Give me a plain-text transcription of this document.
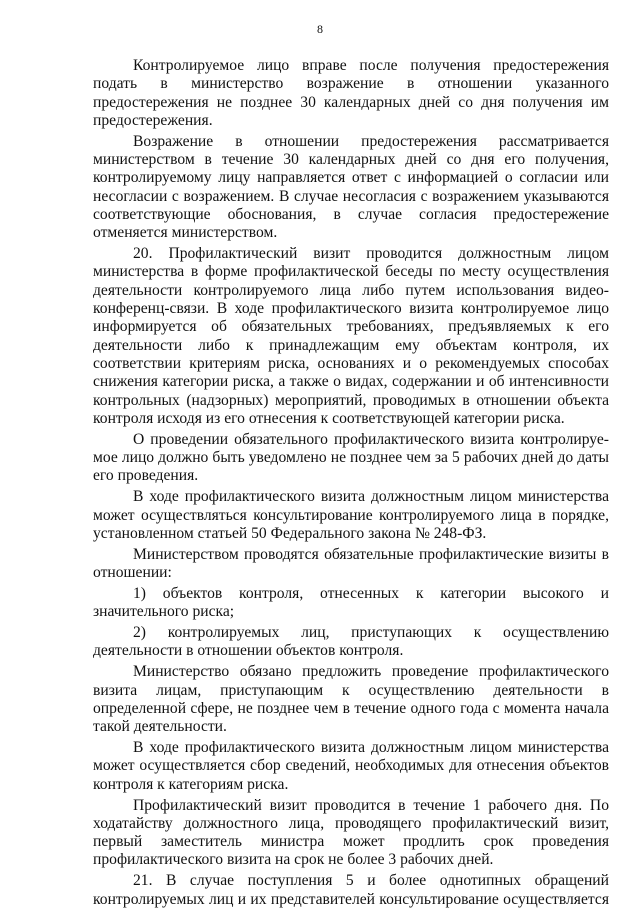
8

Контролируемое лицо вправе после получения предостережения подать в министерство возражение в отношении указанного предостережения не позднее 30 календарных дней со дня получения им предостережения.

Возражение в отношении предостережения рассматривается министерством в течение 30 календарных дней со дня его получения, контролируемому лицу направляется ответ с информацией о согласии или несогласии с возражением. В случае несогласия с возражением указываются соответствующие обоснования, в случае согласия предостережение отменяется министерством.

20. Профилактический визит проводится должностным лицом министерства в форме профилактической беседы по месту осуществления деятельности контролируемого лица либо путем использования видео-конференц-связи. В ходе профилактического визита контролируемое лицо информируется об обязательных требованиях, предъявляемых к его деятельности либо к принадлежащим ему объектам контроля, их соответствии критериям риска, основаниях и о рекомендуемых способах снижения категории риска, а также о видах, содержании и об интенсивности контрольных (надзорных) мероприятий, проводимых в отношении объекта контроля исходя из его отнесения к соответствующей категории риска.

О проведении обязательного профилактического визита контролируе-мое лицо должно быть уведомлено не позднее чем за 5 рабочих дней до даты его проведения.

В ходе профилактического визита должностным лицом министерства может осуществляться консультирование контролируемого лица в порядке, установленном статьей 50 Федерального закона № 248-ФЗ.

Министерством проводятся обязательные профилактические визиты в отношении:

1) объектов контроля, отнесенных к категории высокого и значительного риска;

2) контролируемых лиц, приступающих к осуществлению деятельности в отношении объектов контроля.

Министерство обязано предложить проведение профилактического визита лицам, приступающим к осуществлению деятельности в определенной сфере, не позднее чем в течение одного года с момента начала такой деятельности.

В ходе профилактического визита должностным лицом министерства может осуществляется сбор сведений, необходимых для отнесения объектов контроля к категориям риска.

Профилактический визит проводится в течение 1 рабочего дня. По ходатайству должностного лица, проводящего профилактический визит, первый заместитель министра может продлить срок проведения профилактического визита на срок не более 3 рабочих дней.

21. В случае поступления 5 и более однотипных обращений контролируемых лиц и их представителей консультирование осуществляется
